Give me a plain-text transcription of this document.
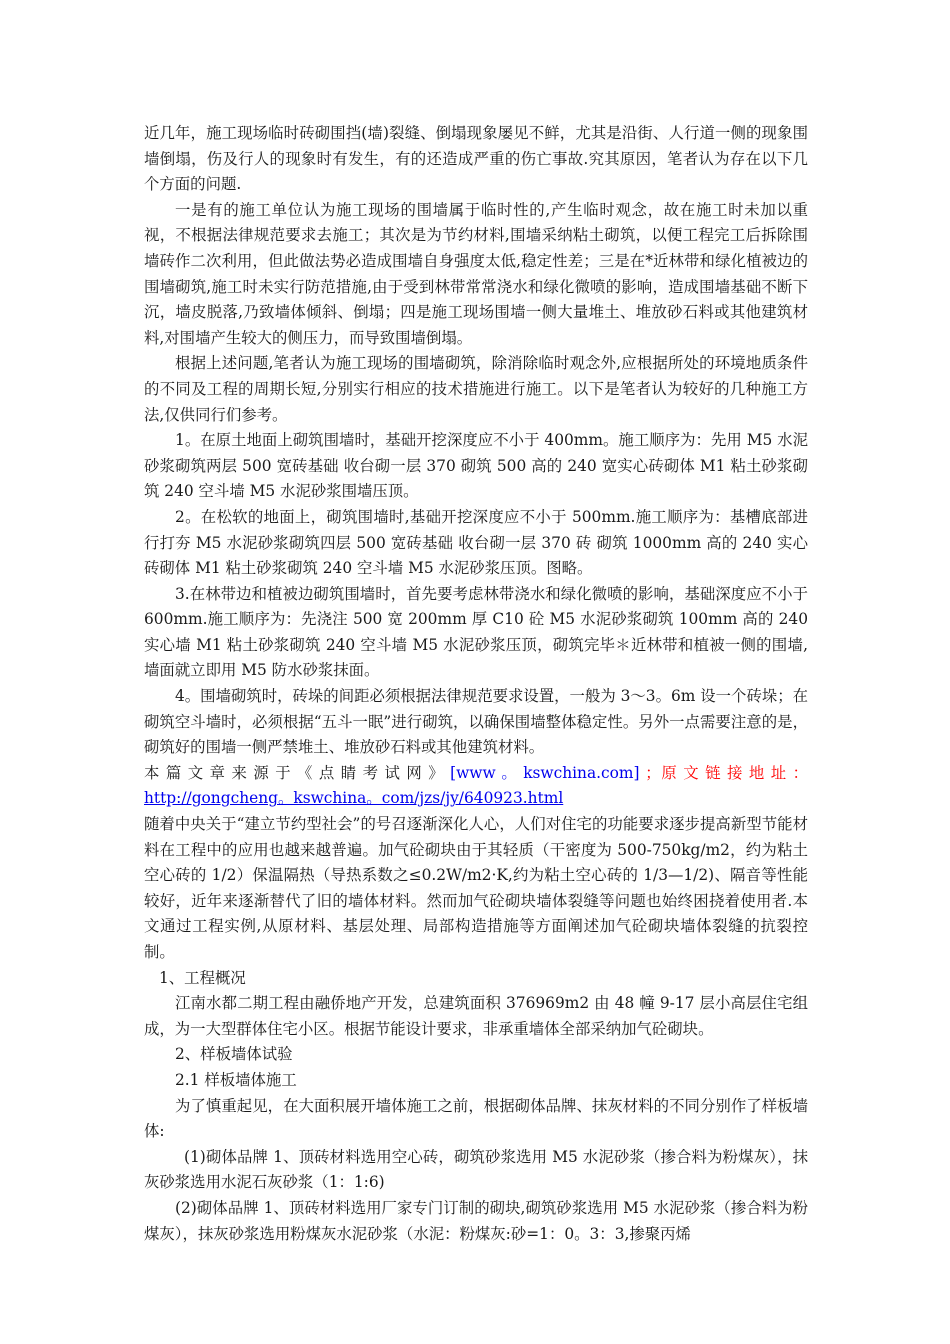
近几年，施工现场临时砖砌围挡(墙)裂缝、倒塌现象屡见不鲜，尤其是沿街、人行道一侧的现象围墙倒塌，伤及行人的现象时有发生，有的还造成严重的伤亡事故.究其原因，笔者认为存在以下几个方面的问题.

一是有的施工单位认为施工现场的围墙属于临时性的,产生临时观念，故在施工时未加以重视，不根据法律规范要求去施工；其次是为节约材料,围墙采纳粘土砌筑，以便工程完工后拆除围墙砖作二次利用，但此做法势必造成围墙自身强度太低,稳定性差；三是在*近林带和绿化植被边的围墙砌筑,施工时未实行防范措施,由于受到林带常常浇水和绿化微喷的影响，造成围墙基础不断下沉，墙皮脱落,乃致墙体倾斜、倒塌；四是施工现场围墙一侧大量堆土、堆放砂石料或其他建筑材料,对围墙产生较大的侧压力，而导致围墙倒塌。

根据上述问题,笔者认为施工现场的围墙砌筑，除消除临时观念外,应根据所处的环境地质条件的不同及工程的周期长短,分别实行相应的技术措施进行施工。以下是笔者认为较好的几种施工方法,仅供同行们参考。

1。在原土地面上砌筑围墙时，基础开挖深度应不小于 400mm。施工顺序为：先用 M5 水泥砂浆砌筑两层 500 宽砖基础 收台砌一层 370 砌筑 500 高的 240 宽实心砖砌体 M1 粘土砂浆砌筑 240 空斗墙 M5 水泥砂浆围墙压顶。

2。在松软的地面上，砌筑围墙时,基础开挖深度应不小于 500mm.施工顺序为：基槽底部进行打夯 M5 水泥砂浆砌筑四层 500 宽砖基础 收台砌一层 370 砖 砌筑 1000mm 高的 240 实心砖砌体 M1 粘土砂浆砌筑 240 空斗墙 M5 水泥砂浆压顶。图略。

3.在林带边和植被边砌筑围墙时，首先要考虑林带浇水和绿化微喷的影响，基础深度应不小于 600mm.施工顺序为：先浇注 500 宽 200mm 厚 C10 砼 M5 水泥砂浆砌筑 100mm 高的 240 实心墙 M1 粘土砂浆砌筑 240 空斗墙 M5 水泥砂浆压顶，砌筑完毕＊近林带和植被一侧的围墙,墙面就立即用 M5 防水砂浆抹面。

4。围墙砌筑时，砖垛的间距必须根据法律规范要求设置，一般为 3～3。6m 设一个砖垛；在砌筑空斗墙时，必须根据“五斗一眠”进行砌筑，以确保围墙整体稳定性。另外一点需要注意的是，砌筑好的围墙一侧严禁堆土、堆放砂石料或其他建筑材料。

本 篇 文 章 来 源 于 《 点 睛 考 试 网 》 [www 。 kswchina.com] ；原 文 链 接 地 址 ：

http://gongcheng。kswchina。com/jzs/jy/640923.html

随着中央关于“建立节约型社会”的号召逐渐深化人心，人们对住宅的功能要求逐步提高新型节能材料在工程中的应用也越来越普遍。加气砼砌块由于其轻质（干密度为 500-750kg/m2，约为粘土空心砖的 1/2）保温隔热（导热系数之≤0.2W/m2·K,约为粘土空心砖的 1/3—1/2)、隔音等性能较好，近年来逐渐替代了旧的墙体材料。然而加气砼砌块墙体裂缝等问题也始终困挠着使用者.本文通过工程实例,从原材料、基层处理、局部构造措施等方面阐述加气砼砌块墙体裂缝的抗裂控制。

1、工程概况

江南水都二期工程由融侨地产开发，总建筑面积 376969m2 由 48 幢 9-17 层小高层住宅组成，为一大型群体住宅小区。根据节能设计要求，非承重墙体全部采纳加气砼砌块。

2、样板墙体试验

2.1 样板墙体施工

为了慎重起见，在大面积展开墙体施工之前，根据砌体品牌、抹灰材料的不同分别作了样板墙体:

(1)砌体品牌 1、顶砖材料选用空心砖，砌筑砂浆选用 M5 水泥砂浆（掺合料为粉煤灰），抹灰砂浆选用水泥石灰砂浆（1：1:6)

(2)砌体品牌 1、顶砖材料选用厂家专门订制的砌块,砌筑砂浆选用 M5 水泥砂浆（掺合料为粉煤灰），抹灰砂浆选用粉煤灰水泥砂浆（水泥：粉煤灰:砂=1：0。3：3,掺聚丙烯
